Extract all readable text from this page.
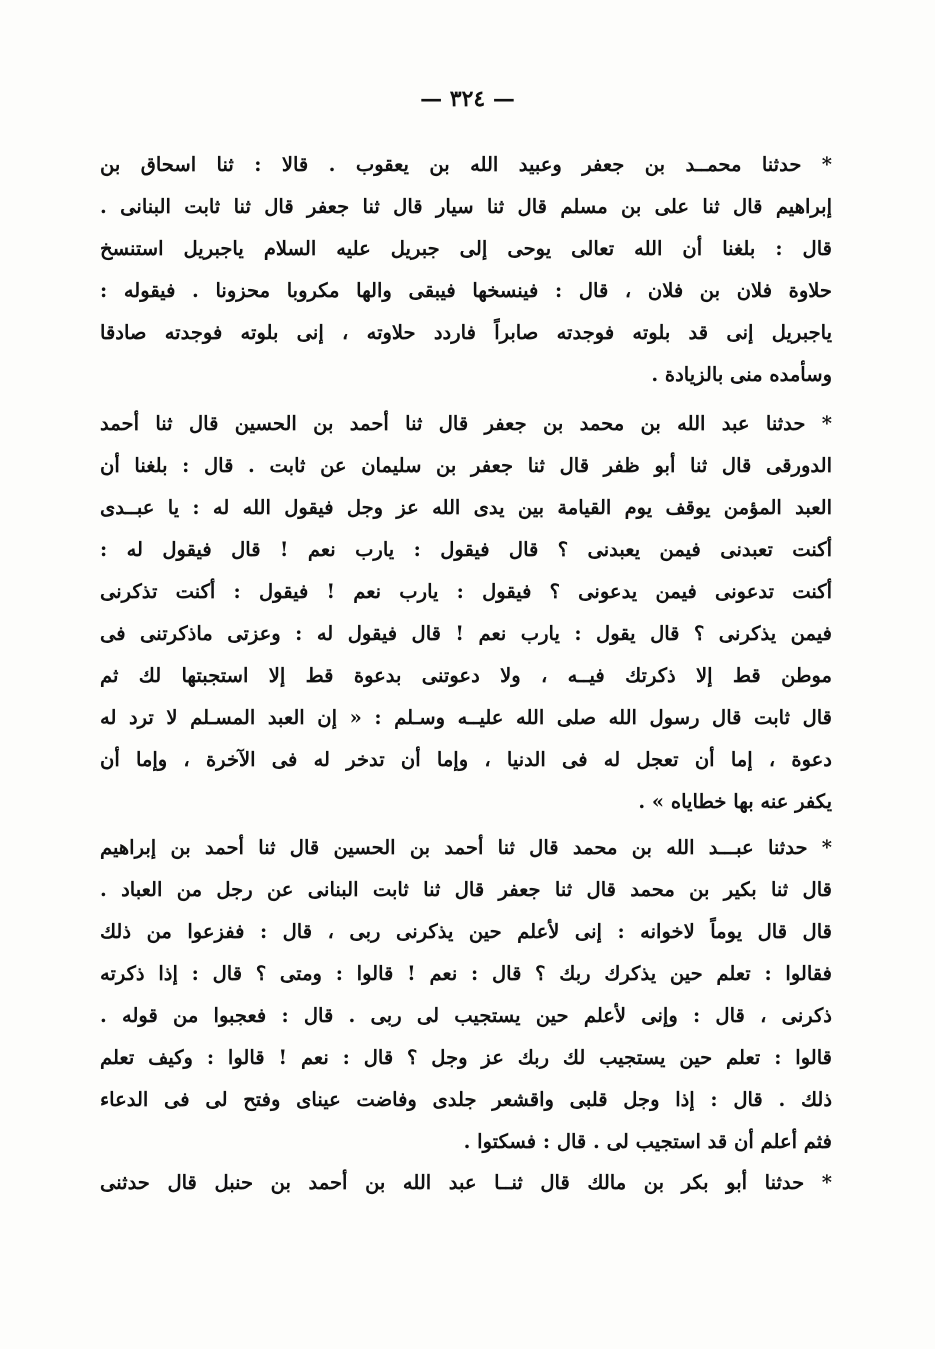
— ٣٢٤ —
* حدثنا محمــد بن جعفر وعبيد الله بن يعقوب . قالا : ثنا اسحاق بن
إبراهيم قال ثنا على بن مسلم قال ثنا سيار قال ثنا جعفر قال ثنا ثابت البنانى .
قال : بلغنا أن الله تعالى يوحى إلى جبريل عليه السلام ياجبريل استنسخ
حلاوة فلان بن فلان ، قال : فينسخها فيبقى والها مكروبا محزونا . فيقوله :
ياجبريل إنى قد بلوته فوجدته صابراً فاردد حلاوته ، إنى بلوته فوجدته صادقا
وسأمده منى بالزيادة .
* حدثنا عبد الله بن محمد بن جعفر قال ثنا أحمد بن الحسين قال ثنا أحمد
الدورقى قال ثنا أبو ظفر قال ثنا جعفر بن سليمان عن ثابت . قال : بلغنا أن
العبد المؤمن يوقف يوم القيامة بين يدى الله عز وجل فيقول الله له : يا عبــدى
أكنت تعبدنى فيمن يعبدنى ؟ قال فيقول : يارب نعم ! قال فيقول له :
أكنت تدعونى فيمن يدعونى ؟ فيقول : يارب نعم ! فيقول : أكنت تذكرنى
فيمن يذكرنى ؟ قال يقول : يارب نعم ! قال فيقول له : وعزتى ماذكرتنى فى
موطن قط إلا ذكرتك فيــه ، ولا دعوتنى بدعوة قط إلا استجبتها لك ثم
قال ثابت قال رسول الله صلى الله عليــه وسـلم : « إن العبد المسـلم لا ترد له
دعوة ، إما أن تعجل له فى الدنيا ، وإما أن تدخر له فى الآخرة ، وإما أن
يكفر عنه بها خطاياه » .
* حدثنا عبـــد الله بن محمد قال ثنا أحمد بن الحسين قال ثنا أحمد بن إبراهيم
قال ثنا بكير بن محمد قال ثنا جعفر قال ثنا ثابت البنانى عن رجل من العباد .
قال قال يوماً لاخوانه : إنى لأعلم حين يذكرنى ربى ، قال : ففزعوا من ذلك
فقالوا : تعلم حين يذكرك ربك ؟ قال : نعم ! قالوا : ومتى ؟ قال : إذا ذكرته
ذكرنى ، قال : وإنى لأعلم حين يستجيب لى ربى . قال : فعجبوا من قوله .
قالوا : تعلم حين يستجيب لك ربك عز وجل ؟ قال : نعم ! قالوا : وكيف تعلم
ذلك . قال : إذا وجل قلبى واقشعر جلدى وفاضت عيناى وفتح لى فى الدعاء
فثم أعلم أن قد استجيب لى . قال : فسكتوا .
* حدثنا أبو بكر بن مالك قال ثنــا عبد الله بن أحمد بن حنبل قال حدثنى
